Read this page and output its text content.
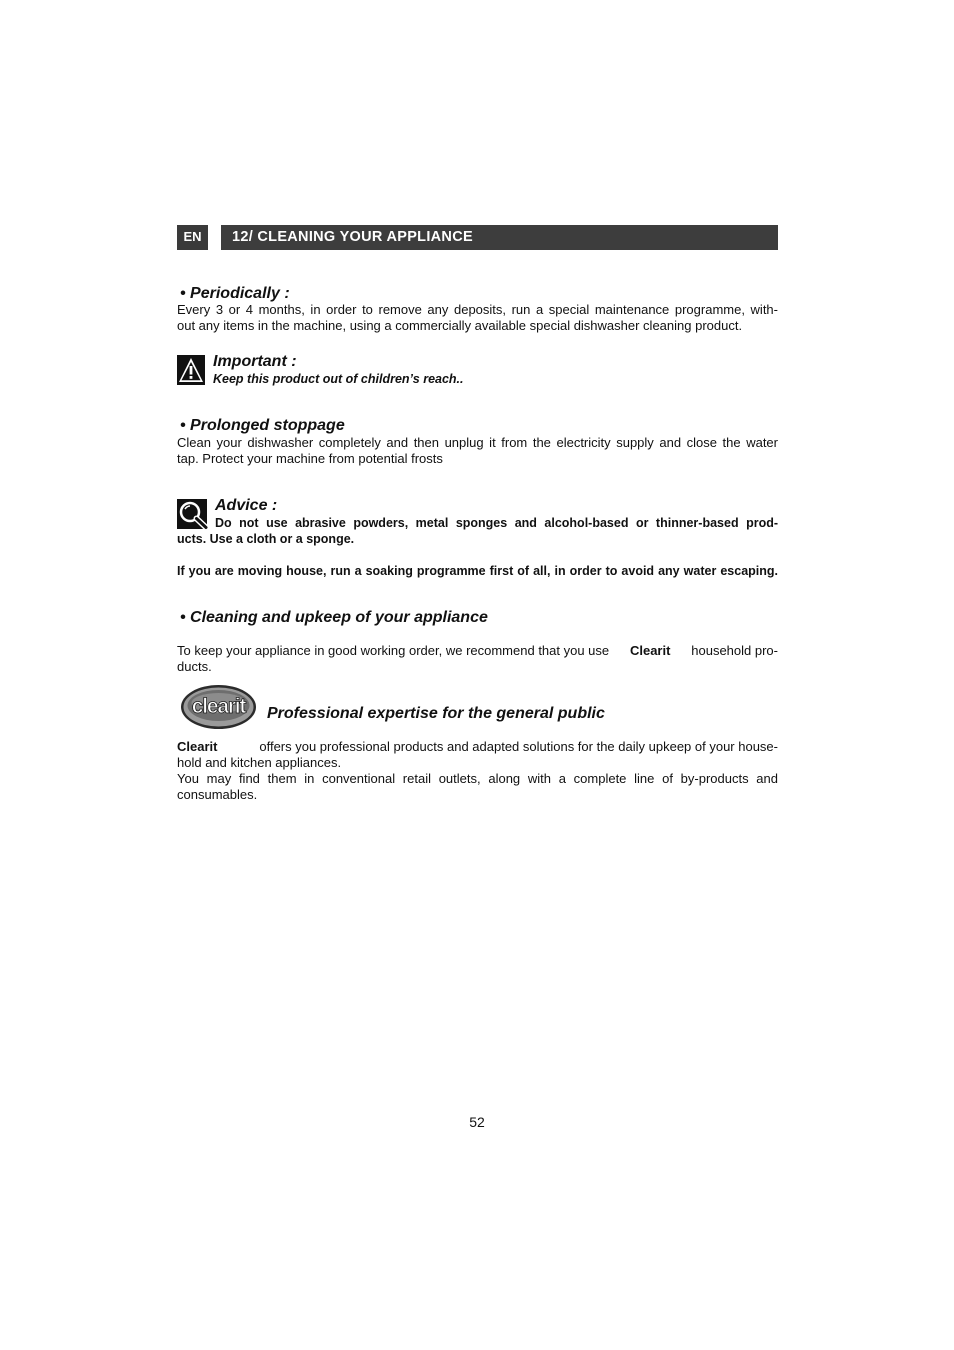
EN	12/ CLEANING YOUR APPLIANCE
• Periodically :
Every 3 or 4 months, in order to remove any deposits, run a special maintenance programme, with-
out any items in the machine, using a commercially available special dishwasher cleaning product.
Important :
Keep this product out of children’s reach..
• Prolonged stoppage
Clean your dishwasher completely and then unplug it from the electricity supply and close the water
tap. Protect your machine from potential frosts
Advice :
Do not use abrasive powders, metal sponges and alcohol-based or thinner-based prod-
ucts. Use a cloth or a sponge.
If you are moving house, run a soaking programme first of all, in order to avoid any water escaping.
• Cleaning and upkeep of your appliance
To keep your appliance in good working order, we recommend that you use Clearit household pro-
ducts.
clearit Professional expertise for the general public
Clearit	offers you professional products and adapted solutions for the daily upkeep of your house-
hold and kitchen appliances.
You may find them in conventional retail outlets, along with a complete line of by-products and
consumables.
52
